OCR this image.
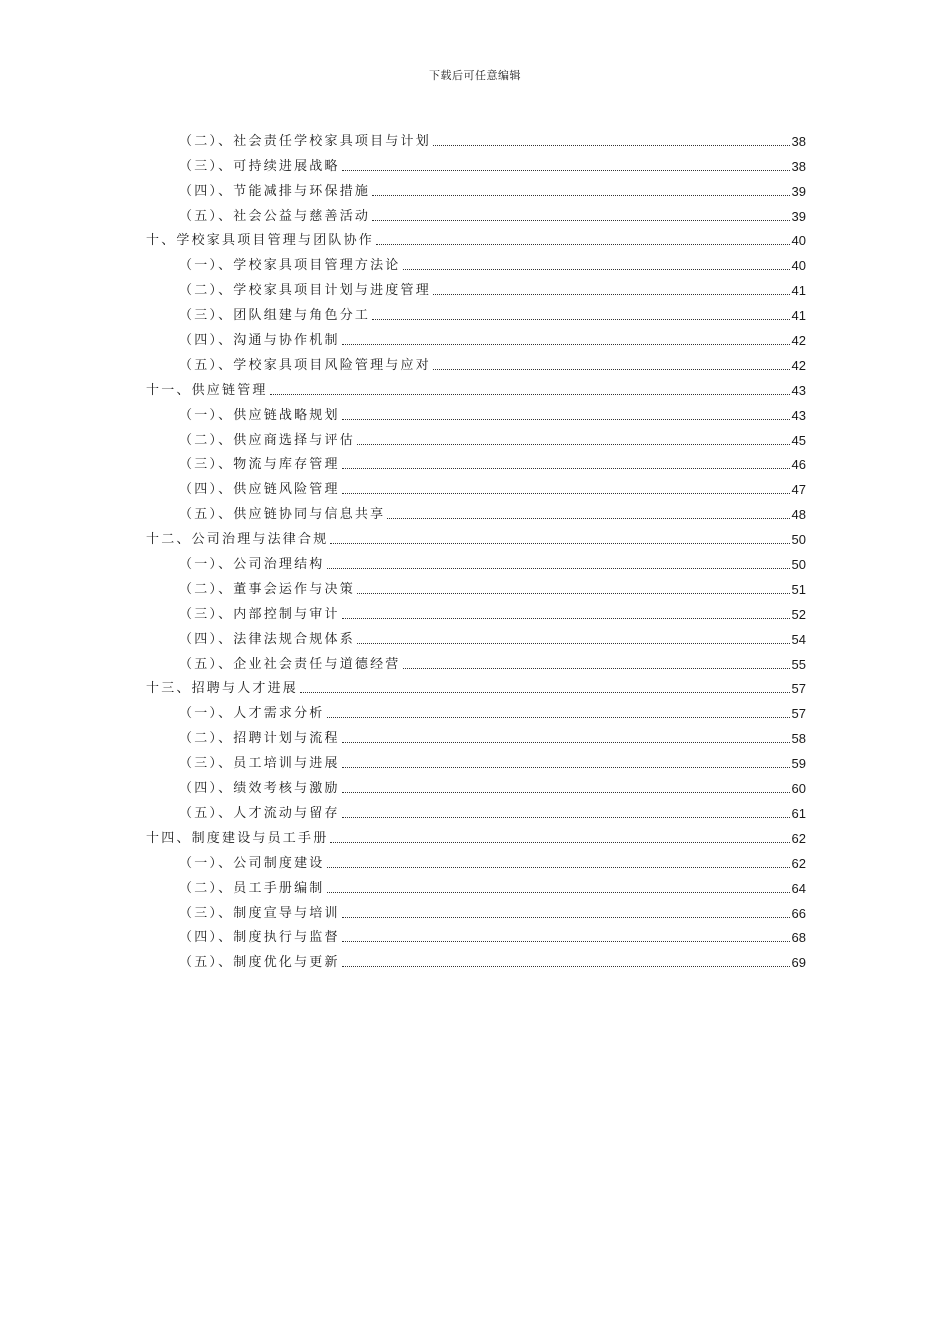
下载后可任意编辑
（二）、社会责任学校家具项目与计划	38
（三）、可持续进展战略	38
（四）、节能减排与环保措施	39
（五）、社会公益与慈善活动	39
十、学校家具项目管理与团队协作	40
（一）、学校家具项目管理方法论	40
（二）、学校家具项目计划与进度管理	41
（三）、团队组建与角色分工	41
（四）、沟通与协作机制	42
（五）、学校家具项目风险管理与应对	42
十一、供应链管理	43
（一）、供应链战略规划	43
（二）、供应商选择与评估	45
（三）、物流与库存管理	46
（四）、供应链风险管理	47
（五）、供应链协同与信息共享	48
十二、公司治理与法律合规	50
（一）、公司治理结构	50
（二）、董事会运作与决策	51
（三）、内部控制与审计	52
（四）、法律法规合规体系	54
（五）、企业社会责任与道德经营	55
十三、招聘与人才进展	57
（一）、人才需求分析	57
（二）、招聘计划与流程	58
（三）、员工培训与进展	59
（四）、绩效考核与激励	60
（五）、人才流动与留存	61
十四、制度建设与员工手册	62
（一）、公司制度建设	62
（二）、员工手册编制	64
（三）、制度宣导与培训	66
（四）、制度执行与监督	68
（五）、制度优化与更新	69
